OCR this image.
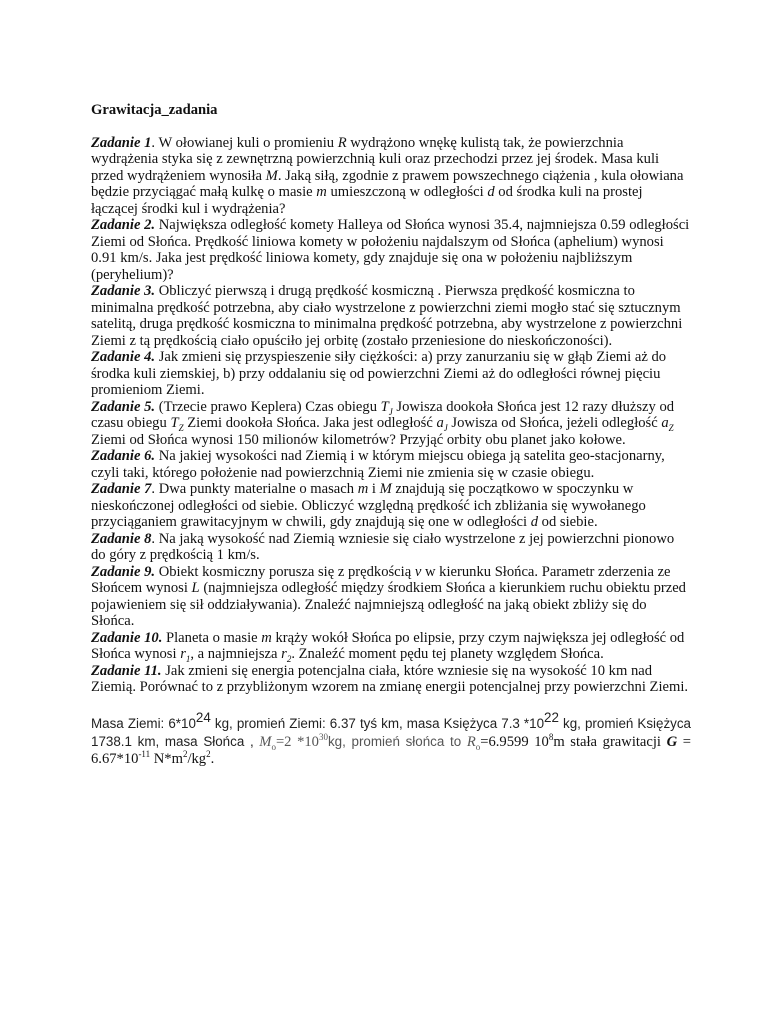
Grawitacja_zadania

Zadanie 1. W ołowianej kuli o promieniu R wydrążono wnękę kulistą tak, że powierzchnia wydrążenia styka się z zewnętrzną powierzchnią kuli oraz przechodzi przez jej środek. Masa kuli przed wydrążeniem wynosiła M. Jaką siłą, zgodnie z prawem powszechnego ciążenia , kula ołowiana będzie przyciągać małą kulkę o masie m umieszczoną w odległości d od środka kuli na prostej łączącej środki kul i wydrążenia?

Zadanie 2. Największa odległość komety Halleya od Słońca wynosi 35.4, najmniejsza 0.59 odległości Ziemi od Słońca. Prędkość liniowa komety w położeniu najdalszym od Słońca (aphelium) wynosi 0.91 km/s. Jaka jest prędkość liniowa komety, gdy znajduje się ona w położeniu najbliższym (peryhelium)?

Zadanie 3. Obliczyć pierwszą i drugą prędkość kosmiczną . Pierwsza prędkość kosmiczna to minimalna prędkość potrzebna, aby ciało wystrzelone z powierzchni ziemi mogło stać się sztucznym satelitą, druga prędkość kosmiczna to minimalna prędkość potrzebna, aby wystrzelone z powierzchni Ziemi z tą prędkością ciało opuściło jej orbitę (zostało przeniesione do nieskończoności).

Zadanie 4. Jak zmieni się przyspieszenie siły ciężkości: a) przy zanurzaniu się w głąb Ziemi aż do środka kuli ziemskiej, b) przy oddalaniu się od powierzchni Ziemi aż do odległości równej pięciu promieniom Ziemi.

Zadanie 5. (Trzecie prawo Keplera) Czas obiegu $T_J$ Jowisza dookoła Słońca jest 12 razy dłuższy od czasu obiegu $T_Z$ Ziemi dookoła Słońca. Jaka jest odległość $a_J$ Jowisza od Słońca, jeżeli odległość $a_Z$ Ziemi od Słońca wynosi 150 milionów kilometrów? Przyjąć orbity obu planet jako kołowe.

Zadanie 6. Na jakiej wysokości nad Ziemią i w którym miejscu obiega ją satelita geo-stacjonarny, czyli taki, którego położenie nad powierzchnią Ziemi nie zmienia się w czasie obiegu.

Zadanie 7. Dwa punkty materialne o masach m i M znajdują się początkowo w spoczynku w nieskończonej odległości od siebie. Obliczyć względną prędkość ich zbliżania się wywołanego przyciąganiem grawitacyjnym w chwili, gdy znajdują się one w odległości d od siebie.

Zadanie 8. Na jaką wysokość nad Ziemią wzniesie się ciało wystrzelone z jej powierzchni pionowo do góry z prędkością 1 km/s.

Zadanie 9. Obiekt kosmiczny porusza się z prędkością v w kierunku Słońca. Parametr zderzenia ze Słońcem wynosi L (najmniejsza odległość między środkiem Słońca a kierunkiem ruchu obiektu przed pojawieniem się sił oddziaływania). Znaleźć najmniejszą odległość na jaką obiekt zbliży się do Słońca.

Zadanie 10. Planeta o masie m krąży wokół Słońca po elipsie, przy czym największa jej odległość od Słońca wynosi $r_1$, a najmniejsza $r_2$. Znaleźć moment pędu tej planety względem Słońca.

Zadanie 11. Jak zmieni się energia potencjalna ciała, które wzniesie się na wysokość 10 km nad Ziemią. Porównać to z przybliżonym wzorem na zmianę energii potencjalnej przy powierzchni Ziemi.

Masa Ziemi: $6*10^{24}$ kg, promień Ziemi: 6.37 tyś km, masa Księżyca 7.3 $*10^{22}$ kg, promień Księżyca 1738.1 km, masa Słońca , $M_o=2$ $*10^{30}kg$, promień słońca to $R_o=6.9599$ $10^8m$ stała grawitacji $G = 6.67*10^{-11}$ $N*m^2/kg^2$.
